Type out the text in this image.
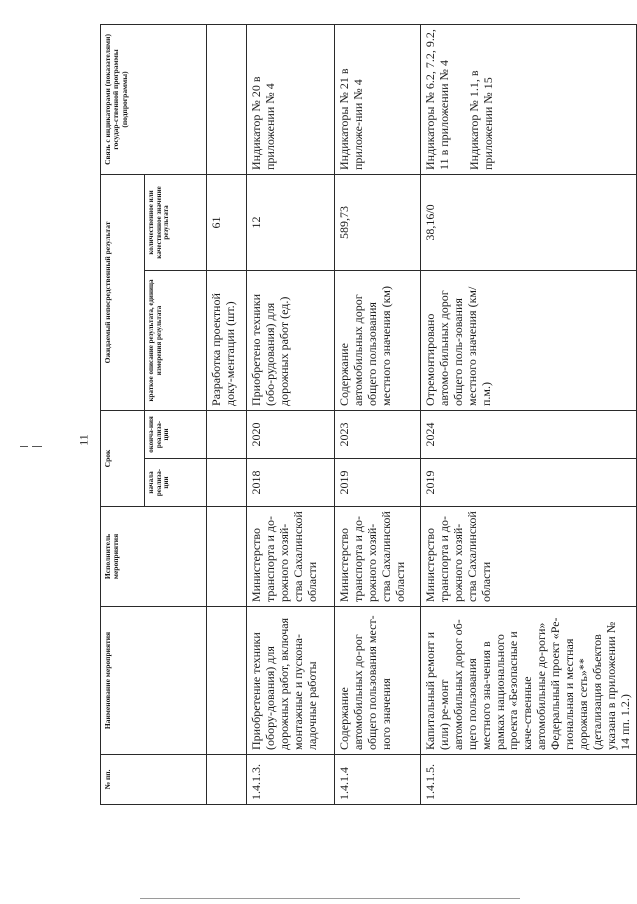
11
№ пп.	Наименование мероприятия	Исполнитель мероприятия	Срок		Ожидаемый непосредственный результат		Связь с индикаторами (показателями) государ-ственной программы (подпрограммы)
			начала реализа-ции	оконча-ния реализа-ции	краткое описание результата, единица измерения результата	количественное или качественное значение результата	
					Разработка проектной доку-ментации (шт.)	61	
1.4.1.3.	Приобретение техники (обору-дования) для дорожных работ, включая монтажные и пускона-ладочные работы	Министерство транспорта и до-рожного хозяй-ства Сахалинской области	2018	2020	Приобретено техники (обо-рудования) для дорожных работ (ед.)	12	Индикатор № 20 в приложении № 4
1.4.1.4	Содержание автомобильных до-рог общего пользования мест-ного значения	Министерство транспорта и до-рожного хозяй-ства Сахалинской области	2019	2023	Содержание автомобильных дорог общего пользования местного значения (км)	589,73	Индикаторы № 21 в приложе-нии № 4
1.4.1.5.	Капитальный ремонт и (или) ре-монт автомобильных дорог об-щего пользования местного зна-чения в рамках национального проекта «Безопасные и каче-ственные автомобильные до-роги» Федеральный проект «Ре-гиональная и местная дорожная сеть»** (детализация объектов указана в приложении № 14 пп. 1.2.)	Министерство транспорта и до-рожного хозяй-ства Сахалинской области	2019	2024	Отремонтировано автомо-бильных дорог общего поль-зования местного значения (км/п.м.)	38,16/0	Индикаторы № 6.2, 7.2, 9.2, 11 в приложении № 4 Индикатор № 1.1, в приложении № 15
